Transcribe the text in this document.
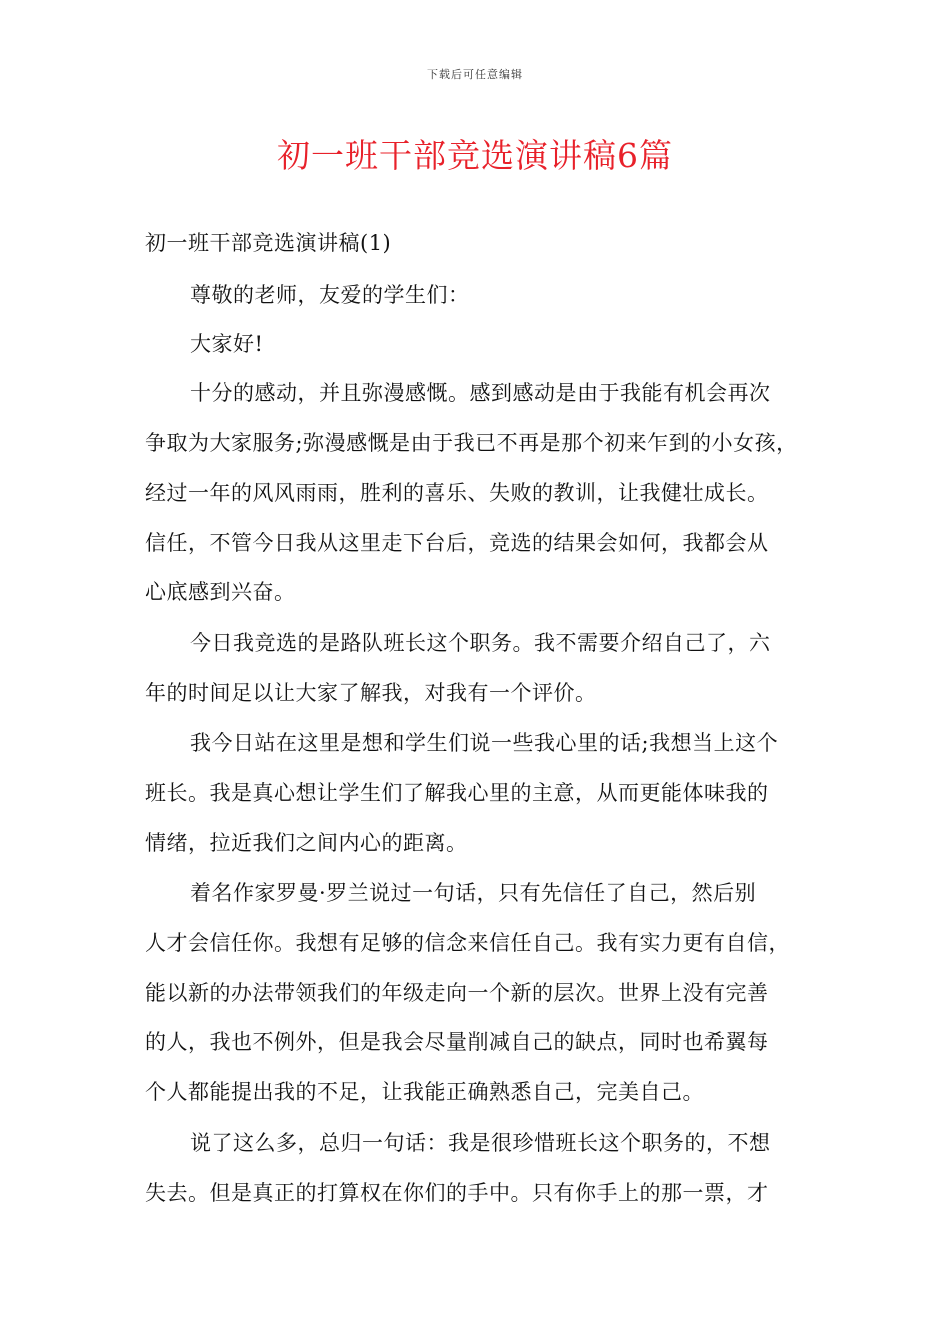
下载后可任意编辑
初一班干部竞选演讲稿6篇
初一班干部竞选演讲稿(1)
尊敬的老师，友爱的学生们：
大家好!
十分的感动，并且弥漫感慨。感到感动是由于我能有机会再次
争取为大家服务;弥漫感慨是由于我已不再是那个初来乍到的小女孩，
经过一年的风风雨雨，胜利的喜乐、失败的教训，让我健壮成长。
信任，不管今日我从这里走下台后，竞选的结果会如何，我都会从
心底感到兴奋。
今日我竞选的是路队班长这个职务。我不需要介绍自己了，六
年的时间足以让大家了解我，对我有一个评价。
我今日站在这里是想和学生们说一些我心里的话;我想当上这个
班长。我是真心想让学生们了解我心里的主意，从而更能体味我的
情绪，拉近我们之间内心的距离。
着名作家罗曼·罗兰说过一句话，只有先信任了自己，然后别
人才会信任你。我想有足够的信念来信任自己。我有实力更有自信，
能以新的办法带领我们的年级走向一个新的层次。世界上没有完善
的人，我也不例外，但是我会尽量削减自己的缺点，同时也希翼每
个人都能提出我的不足，让我能正确熟悉自己，完美自己。
说了这么多，总归一句话：我是很珍惜班长这个职务的，不想
失去。但是真正的打算权在你们的手中。只有你手上的那一票，才
